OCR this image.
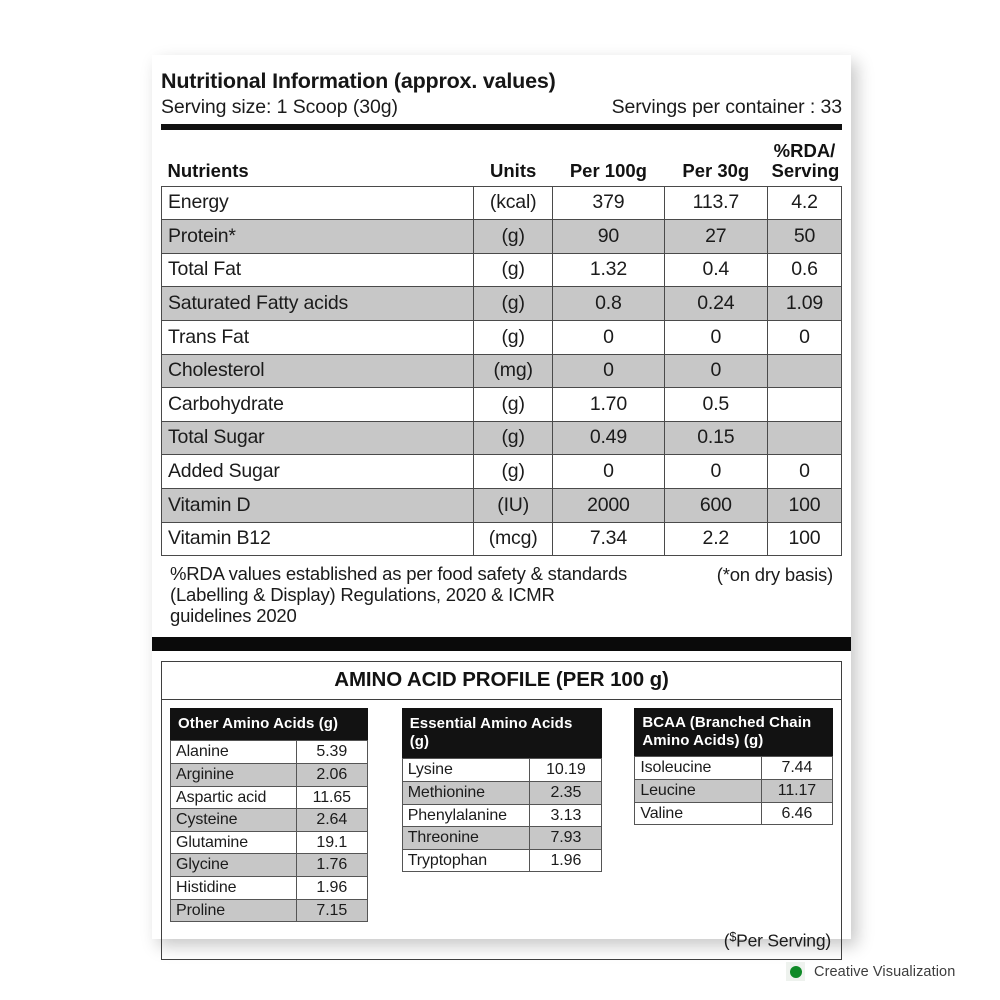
Nutritional Information (approx. values)
Serving size: 1 Scoop (30g)	Servings per container : 33
Nutrients	Units	Per 100g	Per 30g	%RDA/
Serving
Energy	(kcal)	379	113.7	4.2
Protein*	(g)	90	27	50
Total Fat	(g)	1.32	0.4	0.6
Saturated Fatty acids	(g)	0.8	0.24	1.09
Trans Fat	(g)	0	0	0
Cholesterol	(mg)	0	0	
Carbohydrate	(g)	1.70	0.5	
Total Sugar	(g)	0.49	0.15	
Added Sugar	(g)	0	0	0
Vitamin D	(IU)	2000	600	100
Vitamin B12	(mcg)	7.34	2.2	100
%RDA values established as per food safety & standards (Labelling & Display) Regulations, 2020 & ICMR guidelines 2020
(*on dry basis)
AMINO ACID PROFILE (PER 100 g)
Other Amino Acids (g)
Alanine	5.39
Arginine	2.06
Aspartic acid	11.65
Cysteine	2.64
Glutamine	19.1
Glycine	1.76
Histidine	1.96
Proline	7.15
Essential Amino Acids (g)
Lysine	10.19
Methionine	2.35
Phenylalanine	3.13
Threonine	7.93
Tryptophan	1.96
BCAA (Branched Chain Amino Acids) (g)
Isoleucine	7.44
Leucine	11.17
Valine	6.46
($Per Serving)
Creative Visualization
